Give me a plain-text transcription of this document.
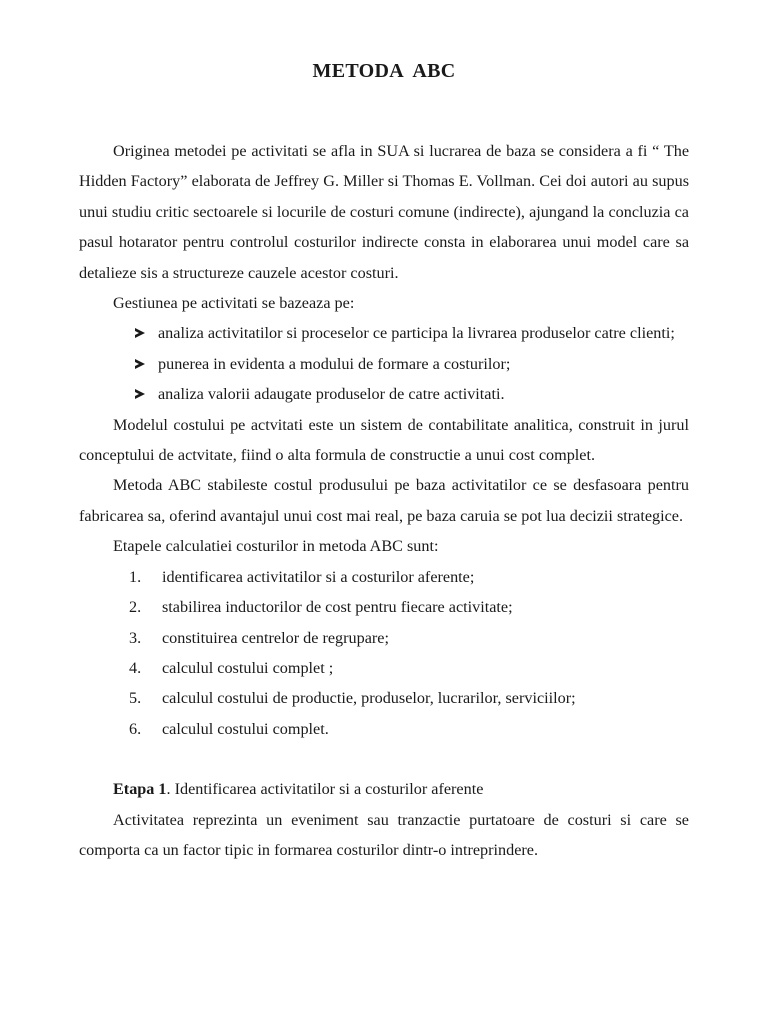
METODA  ABC

Originea metodei pe activitati se afla in SUA si lucrarea de baza se considera a fi “ The Hidden Factory” elaborata de Jeffrey G. Miller si Thomas E. Vollman. Cei doi autori au supus unui studiu critic sectoarele si locurile de costuri comune (indirecte), ajungand la concluzia ca pasul hotarator pentru controlul costurilor indirecte consta in elaborarea unui model care sa detalieze sis a structureze cauzele acestor costuri.

Gestiunea pe activitati se bazeaza pe:

analiza activitatilor si proceselor ce participa la livrarea produselor catre clienti;
punerea in evidenta a modului de formare a costurilor;
analiza valorii adaugate produselor de catre activitati.

Modelul costului pe actvitati este un sistem de contabilitate analitica, construit in jurul conceptului de actvitate, fiind o alta formula de constructie a unui cost complet.

Metoda ABC stabileste costul produsului pe baza activitatilor ce se desfasoara pentru fabricarea sa, oferind avantajul unui cost mai real, pe baza caruia se pot lua decizii strategice.

Etapele calculatiei costurilor in metoda ABC sunt:

1.	identificarea activitatilor si a costurilor aferente;
2.	stabilirea inductorilor de cost pentru fiecare activitate;
3.	constituirea centrelor de regrupare;
4.	calculul costului complet ;
5.	calculul costului de productie, produselor, lucrarilor, serviciilor;
6.	calculul costului complet.

Etapa 1. Identificarea activitatilor si a costurilor aferente

Activitatea reprezinta un eveniment sau tranzactie purtatoare de costuri si care se comporta ca un factor tipic in formarea costurilor dintr-o intreprindere.
